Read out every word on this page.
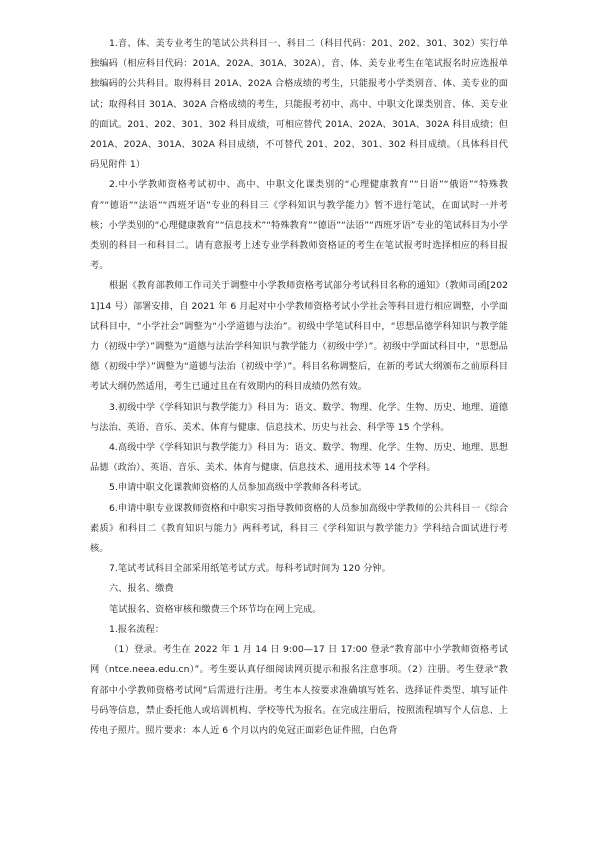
1.音、体、美专业考生的笔试公共科目一、科目二（科目代码：201、202、301、302）实行单独编码（相应科目代码：201A、202A、301A、302A），音、体、美专业考生在笔试报名时应选报单独编码的公共科目。取得科目 201A、202A 合格成绩的考生，只能报考小学类别音、体、美专业的面试；取得科目 301A、302A 合格成绩的考生，只能报考初中、高中、中职文化课类别音、体、美专业的面试。201、202、301、302 科目成绩，可相应替代 201A、202A、301A、302A 科目成绩；但 201A、202A、301A、302A 科目成绩，不可替代 201、202、301、302 科目成绩。（具体科目代码见附件 1）

2.中小学教师资格考试初中、高中、中职文化课类别的“心理健康教育”“日语”“俄语”“特殊教育”“德语”“法语”“西班牙语”专业的科目三《学科知识与教学能力》暂不进行笔试，在面试时一并考核；小学类别的“心理健康教育”“信息技术”“特殊教育”“德语”“法语”“西班牙语”专业的笔试科目为小学类别的科目一和科目二。请有意报考上述专业学科教师资格证的考生在笔试报考时选择相应的科目报考。

根据《教育部教师工作司关于调整中小学教师资格考试部分考试科目名称的通知》（教师司函[2021]14 号）部署安排，自 2021 年 6 月起对中小学教师资格考试小学社会等科目进行相应调整，小学面试科目中，“小学社会”调整为“小学道德与法治”。初级中学笔试科目中，“思想品德学科知识与教学能力（初级中学）”调整为“道德与法治学科知识与教学能力（初级中学）”。初级中学面试科目中，“思想品德（初级中学）”调整为“道德与法治（初级中学）”。科目名称调整后，在新的考试大纲颁布之前原科目考试大纲仍然适用，考生已通过且在有效期内的科目成绩仍然有效。

3.初级中学《学科知识与教学能力》科目为：语文、数学、物理、化学、生物、历史、地理、道德与法治、英语、音乐、美术、体育与健康、信息技术、历史与社会、科学等 15 个学科。

4.高级中学《学科知识与教学能力》科目为：语文、数学、物理、化学、生物、历史、地理、思想品德（政治）、英语、音乐、美术、体育与健康、信息技术、通用技术等 14 个学科。

5.申请中职文化课教师资格的人员参加高级中学教师各科考试。

6.申请中职专业课教师资格和中职实习指导教师资格的人员参加高级中学教师的公共科目一《综合素质》和科目二《教育知识与能力》两科考试，科目三《学科知识与教学能力》学科结合面试进行考核。

7.笔试考试科目全部采用纸笔考试方式。每科考试时间为 120 分钟。

六、报名、缴费

笔试报名、资格审核和缴费三个环节均在网上完成。

1.报名流程：

（1）登录。考生在 2022 年 1 月 14 日 9:00—17 日 17:00 登录“教育部中小学教师资格考试网（ntce.neea.edu.cn）”。考生要认真仔细阅读网页提示和报名注意事项。（2）注册。考生登录“教育部中小学教师资格考试网”后需进行注册。考生本人按要求准确填写姓名、选择证件类型、填写证件号码等信息，禁止委托他人或培训机构、学校等代为报名。在完成注册后，按照流程填写个人信息、上传电子照片。照片要求：本人近 6 个月以内的免冠正面彩色证件照，白色背
